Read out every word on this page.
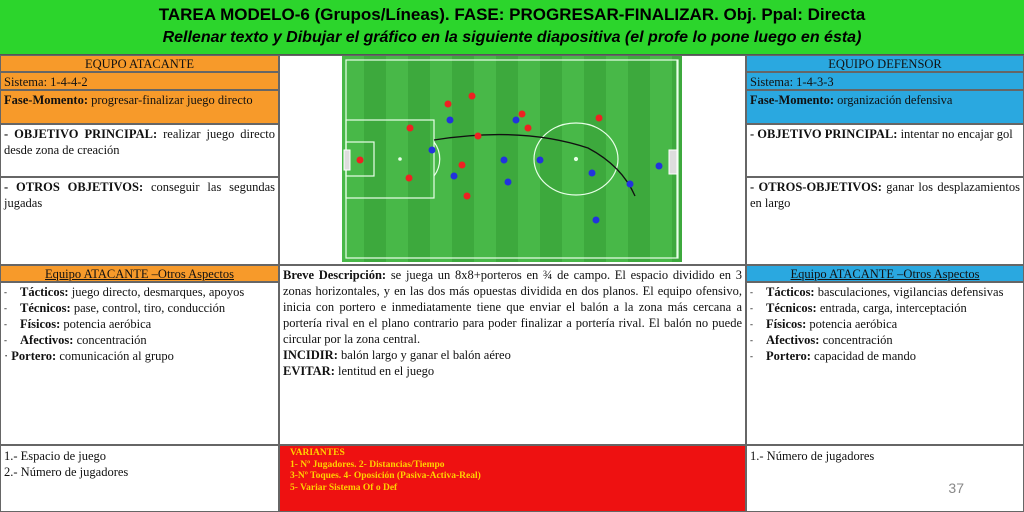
TAREA MODELO-6 (Grupos/Líneas). FASE: PROGRESAR-FINALIZAR. Obj. Ppal: Directa
Rellenar texto y Dibujar el gráfico en la siguiente diapositiva (el profe lo pone luego en ésta)
EQUPO ATACANTE
Sistema: 1-4-4-2
Fase-Momento: progresar-finalizar juego directo
- OBJETIVO PRINCIPAL: realizar juego directo desde zona de creación
- OTROS OBJETIVOS: conseguir las segundas jugadas
Equipo ATACANTE –Otros Aspectos
- Tácticos: juego directo, desmarques, apoyos
- Técnicos: pase, control, tiro, conducción
- Físicos: potencia aeróbica
- Afectivos: concentración
· Portero: comunicación al grupo
1.- Espacio de juego
2.- Número de jugadores
Breve Descripción: se juega un 8x8+porteros en ¾ de campo. El espacio dividido en 3 zonas horizontales, y en las dos más opuestas dividida en dos planos. El equipo ofensivo, inicia con portero e inmediatamente tiene que enviar el balón a la zona más cercana a portería rival en el plano contrario para poder finalizar a portería rival. El balón no puede circular por la zona central.
INCIDIR: balón largo y ganar el balón aéreo
EVITAR: lentitud en el juego
VARIANTES
1- Nº Jugadores. 2- Distancias/Tiempo
3-Nº Toques. 4- Oposición (Pasiva-Activa-Real)
5- Variar Sistema Of o Def
EQUIPO DEFENSOR
Sistema: 1-4-3-3
Fase-Momento: organización defensiva
- OBJETIVO PRINCIPAL: intentar no encajar gol
- OTROS-OBJETIVOS: ganar los desplazamientos en largo
Equipo ATACANTE –Otros Aspectos
- Tácticos: basculaciones, vigilancias defensivas
- Técnicos: entrada, carga, interceptación
- Físicos: potencia aeróbica
- Afectivos: concentración
- Portero: capacidad de mando
1.- Número de jugadores
37
